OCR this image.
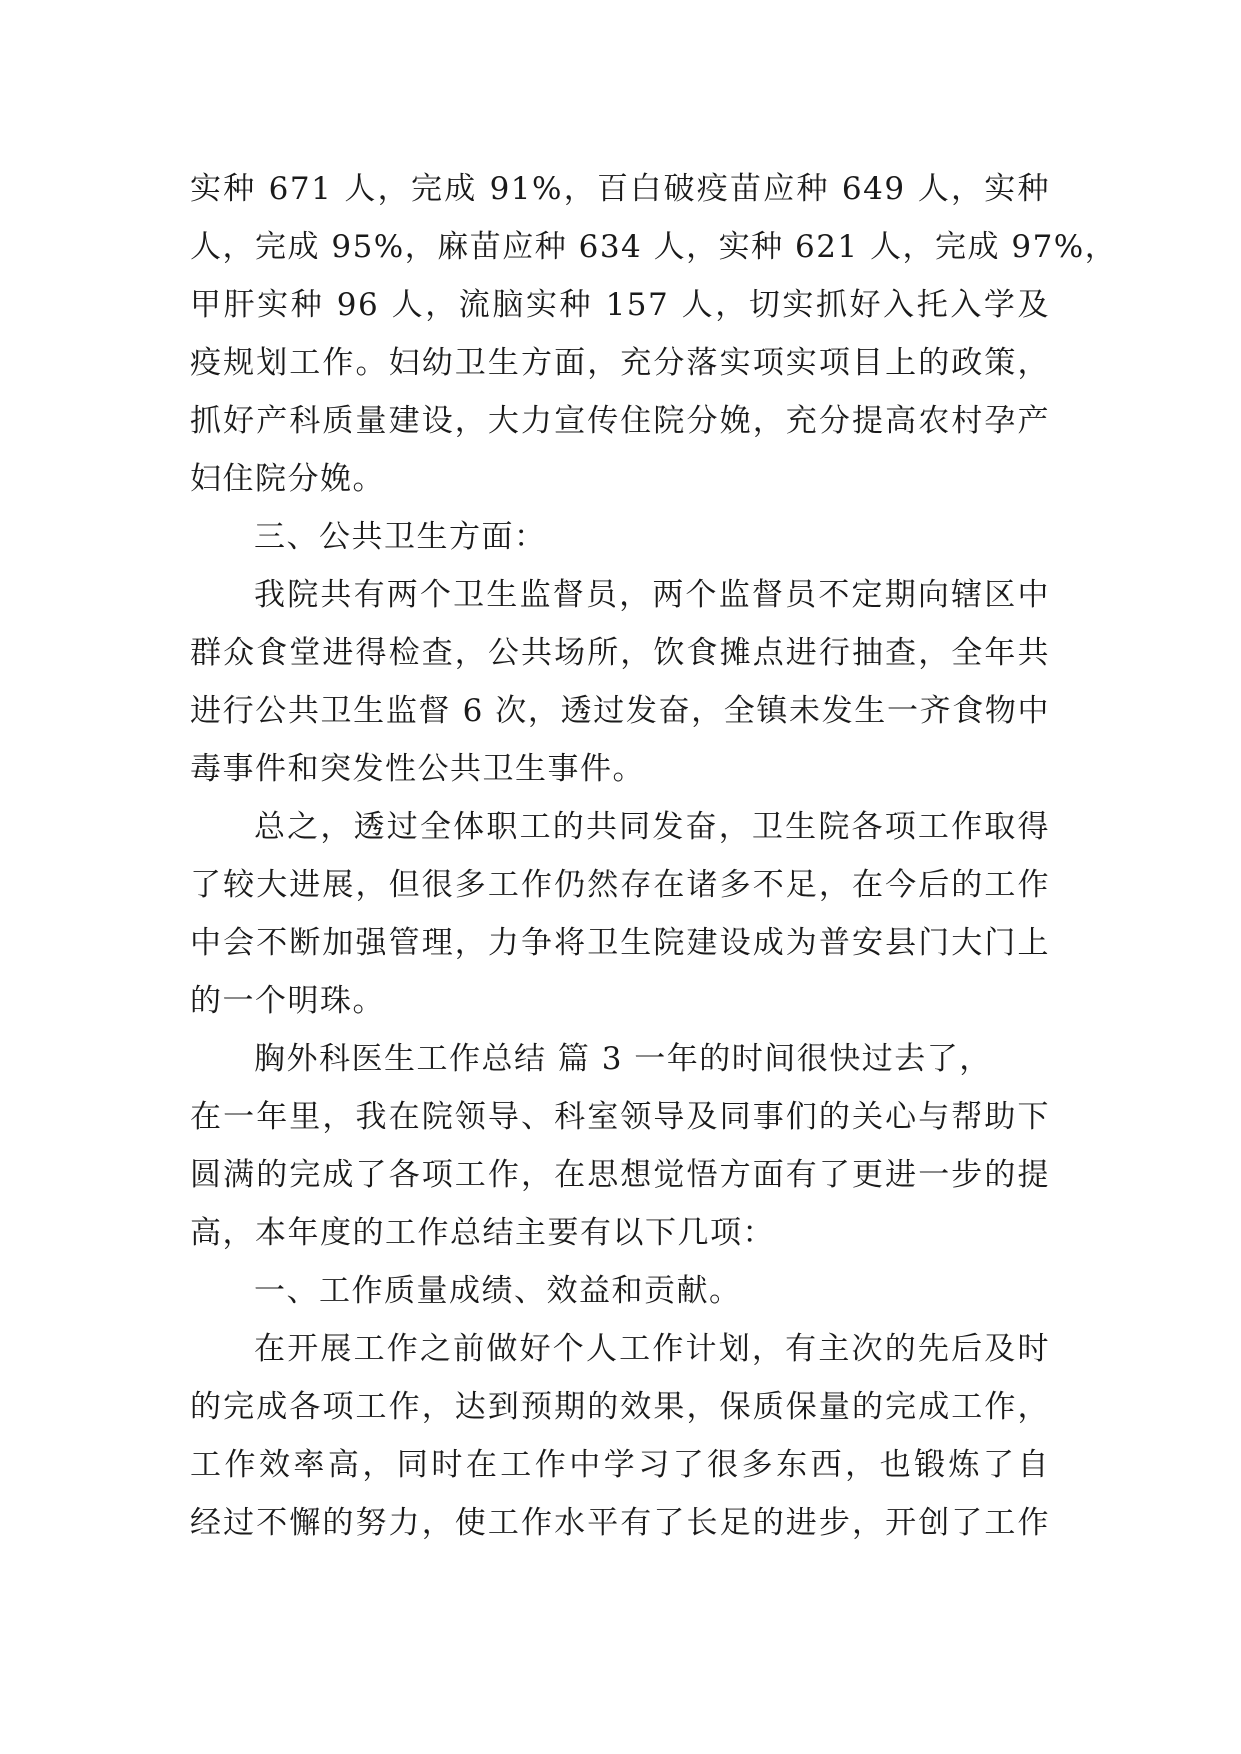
实种 671 人，完成 91%，百白破疫苗应种 649 人，实种
人，完成 95%，麻苗应种 634 人，实种 621 人，完成 97%，
甲肝实种 96 人，流脑实种 157 人，切实抓好入托入学及
疫规划工作。妇幼卫生方面，充分落实项实项目上的政策，
抓好产科质量建设，大力宣传住院分娩，充分提高农村孕产
妇住院分娩。
三、公共卫生方面：
我院共有两个卫生监督员，两个监督员不定期向辖区中
群众食堂进得检查，公共场所，饮食摊点进行抽查，全年共
进行公共卫生监督 6 次，透过发奋，全镇未发生一齐食物中
毒事件和突发性公共卫生事件。
总之，透过全体职工的共同发奋，卫生院各项工作取得
了较大进展，但很多工作仍然存在诸多不足，在今后的工作
中会不断加强管理，力争将卫生院建设成为普安县门大门上
的一个明珠。
胸外科医生工作总结 篇 3 一年的时间很快过去了，
在一年里，我在院领导、科室领导及同事们的关心与帮助下
圆满的完成了各项工作，在思想觉悟方面有了更进一步的提
高，本年度的工作总结主要有以下几项：
一、工作质量成绩、效益和贡献。
在开展工作之前做好个人工作计划，有主次的先后及时
的完成各项工作，达到预期的效果，保质保量的完成工作，
工作效率高，同时在工作中学习了很多东西，也锻炼了自
经过不懈的努力，使工作水平有了长足的进步，开创了工作
